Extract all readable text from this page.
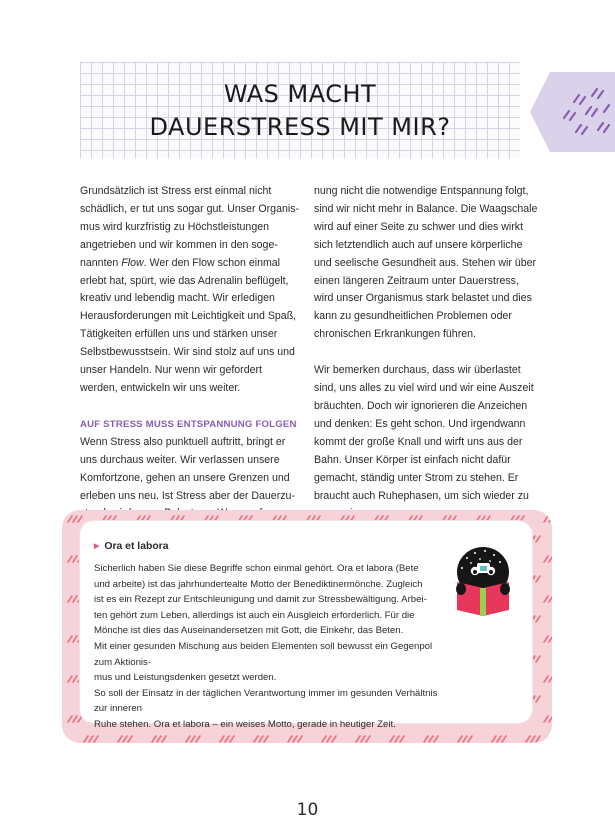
WAS MACHT
DAUERSTRESS MIT MIR?

Grundsätzlich ist Stress erst einmal nicht
schädlich, er tut uns sogar gut. Unser Organis-
mus wird kurzfristig zu Höchstleistungen
angetrieben und wir kommen in den soge-
nannten Flow. Wer den Flow schon einmal
erlebt hat, spürt, wie das Adrenalin beflügelt,
kreativ und lebendig macht. Wir erledigen
Herausforderungen mit Leichtigkeit und Spaß,
Tätigkeiten erfüllen uns und stärken unser
Selbstbewusstsein. Wir sind stolz auf uns und
unser Handeln. Nur wenn wir gefordert
werden, entwickeln wir uns weiter.

AUF STRESS MUSS ENTSPANNUNG FOLGEN

Wenn Stress also punktuell auftritt, bringt er
uns durchaus weiter. Wir verlassen unsere
Komfortzone, gehen an unsere Grenzen und
erleben uns neu. Ist Stress aber der Dauerzu-

nung nicht die notwendige Entspannung folgt,
sind wir nicht mehr in Balance. Die Waagschale
wird auf einer Seite zu schwer und dies wirkt
sich letztendlich auch auf unsere körperliche
und seelische Gesundheit aus. Stehen wir über
einen längeren Zeitraum unter Dauerstress,
wird unser Organismus stark belastet und dies
kann zu gesundheitlichen Problemen oder
chronischen Erkrankungen führen.

Wir bemerken durchaus, dass wir überlastet
sind, uns alles zu viel wird und wir eine Auszeit
bräuchten. Doch wir ignorieren die Anzeichen
und denken: Es geht schon. Und irgendwann
kommt der große Knall und wirft uns aus der
Bahn. Unser Körper ist einfach nicht dafür
gemacht, ständig unter Strom zu stehen. Er
braucht auch Ruhephasen, um sich wieder zu

▶ Ora et labora

Sicherlich haben Sie diese Begriffe schon einmal gehört. Ora et labora (Bete
und arbeite) ist das jahrhundertealte Motto der Benediktinermönche. Zugleich
ist es ein Rezept zur Entschleunigung und damit zur Stressbewältigung. Arbei-
ten gehört zum Leben, allerdings ist auch ein Ausgleich erforderlich. Für die
Mönche ist dies das Auseinandersetzen mit Gott, die Einkehr, das Beten.
Mit einer gesunden Mischung aus beiden Elementen soll bewusst ein Gegenpol zum Aktionis-
mus und Leistungsdenken gesetzt werden.
So soll der Einsatz in der täglichen Verantwortung immer im gesunden Verhältnis zur inneren
Ruhe stehen. Ora et labora – ein weises Motto, gerade in heutiger Zeit.

10
